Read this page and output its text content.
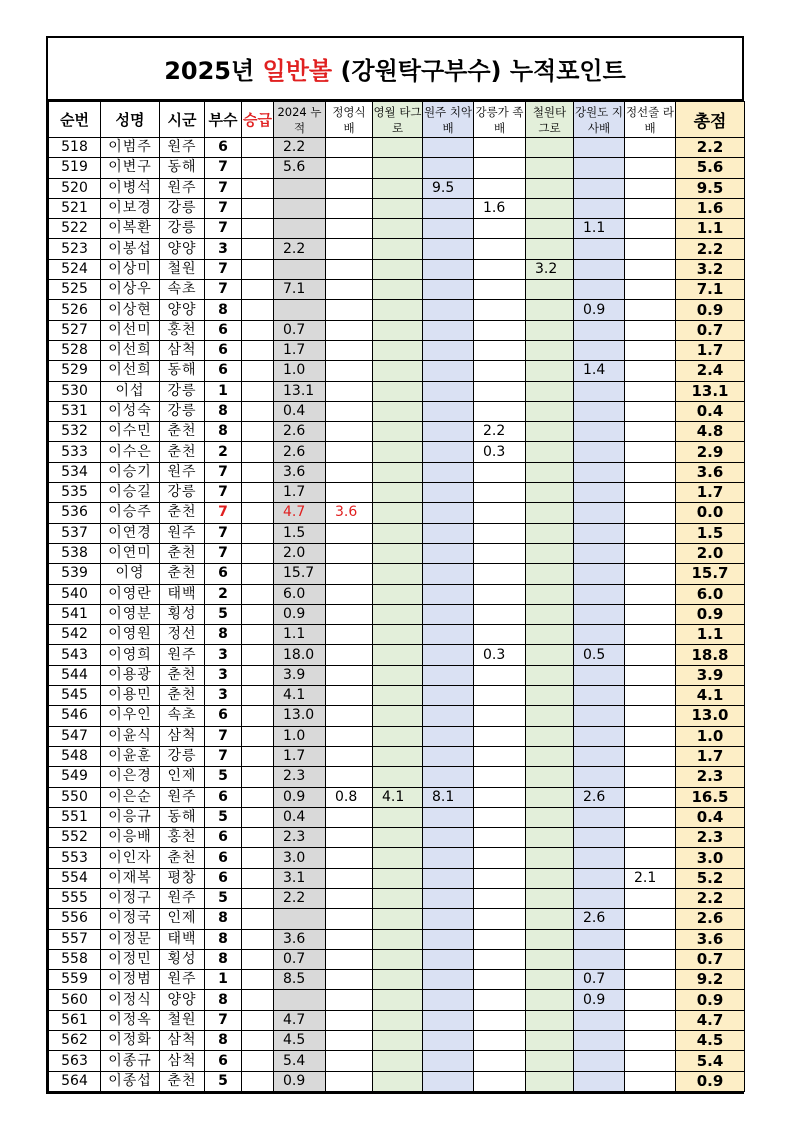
2025년 일반볼 (강원탁구부수) 누적포인트
순번	성명	시군	부수	승급	2024 누적	정영식 배	영월 타그로	원주 치악배	강릉가 족배	철원타 그로	강원도 지사배	정선줄 라배	총점
518	이범주	원주	6		2.2								2.2
519	이변구	동해	7		5.6								5.6
520	이병석	원주	7					9.5					9.5
521	이보경	강릉	7						1.6				1.6
522	이복환	강릉	7								1.1		1.1
523	이봉섭	양양	3		2.2								2.2
524	이상미	철원	7							3.2			3.2
525	이상우	속초	7		7.1								7.1
526	이상현	양양	8								0.9		0.9
527	이선미	홍천	6		0.7								0.7
528	이선희	삼척	6		1.7								1.7
529	이선희	동해	6		1.0						1.4		2.4
530	이섭	강릉	1		13.1								13.1
531	이성숙	강릉	8		0.4								0.4
532	이수민	춘천	8		2.6				2.2				4.8
533	이수은	춘천	2		2.6				0.3				2.9
534	이승기	원주	7		3.6								3.6
535	이승길	강릉	7		1.7								1.7
536	이승주	춘천	7		4.7	3.6							0.0
537	이연경	원주	7		1.5								1.5
538	이연미	춘천	7		2.0								2.0
539	이영	춘천	6		15.7								15.7
540	이영란	태백	2		6.0								6.0
541	이영분	횡성	5		0.9								0.9
542	이영원	정선	8		1.1								1.1
543	이영희	원주	3		18.0				0.3		0.5		18.8
544	이용광	춘천	3		3.9								3.9
545	이용민	춘천	3		4.1								4.1
546	이우인	속초	6		13.0								13.0
547	이윤식	삼척	7		1.0								1.0
548	이윤훈	강릉	7		1.7								1.7
549	이은경	인제	5		2.3								2.3
550	이은순	원주	6		0.9	0.8	4.1	8.1			2.6		16.5
551	이응규	동해	5		0.4								0.4
552	이응배	홍천	6		2.3								2.3
553	이인자	춘천	6		3.0								3.0
554	이재복	평창	6		3.1							2.1	5.2
555	이정구	원주	5		2.2								2.2
556	이정국	인제	8								2.6		2.6
557	이정문	태백	8		3.6								3.6
558	이정민	횡성	8		0.7								0.7
559	이정범	원주	1		8.5						0.7		9.2
560	이정식	양양	8								0.9		0.9
561	이정옥	철원	7		4.7								4.7
562	이정화	삼척	8		4.5								4.5
563	이종규	삼척	6		5.4								5.4
564	이종섭	춘천	5		0.9								0.9
